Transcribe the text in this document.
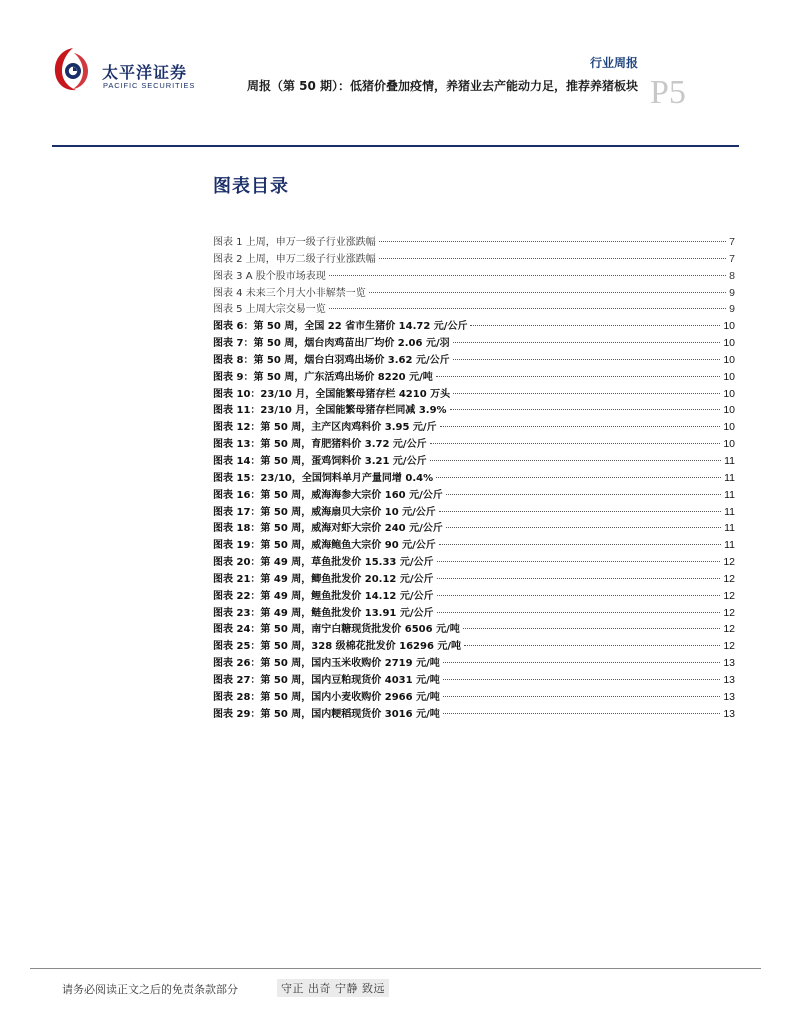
太平洋证券
PACIFIC SECURITIES
行业周报
周报（第 50 期）：低猪价叠加疫情，养猪业去产能动力足，推荐养猪板块 P5
图表目录
图表 1 上周，申万一级子行业涨跌幅	7
图表 2 上周，申万二级子行业涨跌幅	7
图表 3 A 股个股市场表现	8
图表 4 未来三个月大小非解禁一览	9
图表 5 上周大宗交易一览	9
图表 6：第 50 周，全国 22 省市生猪价 14.72 元/公斤	10
图表 7：第 50 周，烟台肉鸡苗出厂均价 2.06 元/羽	10
图表 8：第 50 周，烟台白羽鸡出场价 3.62 元/公斤	10
图表 9：第 50 周，广东活鸡出场价 8220 元/吨	10
图表 10：23/10 月，全国能繁母猪存栏 4210 万头	10
图表 11：23/10 月，全国能繁母猪存栏同减 3.9%	10
图表 12：第 50 周，主产区肉鸡料价 3.95 元/斤	10
图表 13：第 50 周，育肥猪料价 3.72 元/公斤	10
图表 14：第 50 周，蛋鸡饲料价 3.21 元/公斤	11
图表 15：23/10，全国饲料单月产量同增 0.4%	11
图表 16：第 50 周，威海海参大宗价 160 元/公斤	11
图表 17：第 50 周，威海扇贝大宗价 10 元/公斤	11
图表 18：第 50 周，威海对虾大宗价 240 元/公斤	11
图表 19：第 50 周，威海鲍鱼大宗价 90 元/公斤	11
图表 20：第 49 周，草鱼批发价 15.33 元/公斤	12
图表 21：第 49 周，鲫鱼批发价 20.12 元/公斤	12
图表 22：第 49 周，鲤鱼批发价 14.12 元/公斤	12
图表 23：第 49 周，鲢鱼批发价 13.91 元/公斤	12
图表 24：第 50 周，南宁白糖现货批发价 6506 元/吨	12
图表 25：第 50 周，328 级棉花批发价 16296 元/吨	12
图表 26：第 50 周，国内玉米收购价 2719 元/吨	13
图表 27：第 50 周，国内豆粕现货价 4031 元/吨	13
图表 28：第 50 周，国内小麦收购价 2966 元/吨	13
图表 29：第 50 周，国内粳稻现货价 3016 元/吨	13
请务必阅读正文之后的免责条款部分	守正 出奇 宁静 致远
